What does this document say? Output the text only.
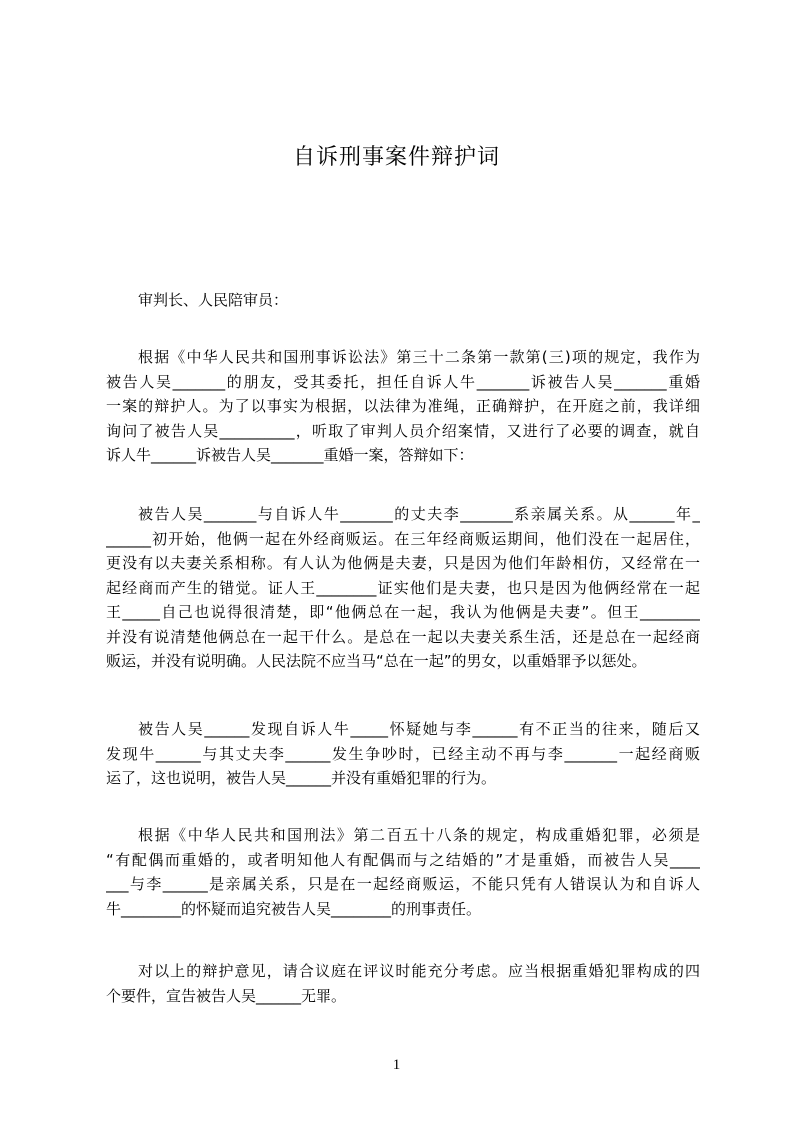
自诉刑事案件辩护词
审判长、人民陪审员：
根据《中华人民共和国刑事诉讼法》第三十二条第一款第(三)项的规定，我作为
被告人吴_______的朋友，受其委托，担任自诉人牛_______诉被告人吴_______重婚
一案的辩护人。为了以事实为根据，以法律为准绳，正确辩护，在开庭之前，我详细
询问了被告人吴__________，听取了审判人员介绍案情，又进行了必要的调查，就自
诉人牛______诉被告人吴_______重婚一案，答辩如下：
被告人吴_______与自诉人牛_______的丈夫李_______系亲属关系。从______年_
______初开始，他俩一起在外经商贩运。在三年经商贩运期间，他们没在一起居住，
更没有以夫妻关系相称。有人认为他俩是夫妻，只是因为他们年龄相仿，又经常在一
起经商而产生的错觉。证人王________证实他们是夫妻，也只是因为他俩经常在一起
王_____自己也说得很清楚，即“他俩总在一起，我认为他俩是夫妻”。但王________
并没有说清楚他俩总在一起干什么。是总在一起以夫妻关系生活，还是总在一起经商
贩运，并没有说明确。人民法院不应当马“总在一起”的男女，以重婚罪予以惩处。
被告人吴______发现自诉人牛_____怀疑她与李______有不正当的往来，随后又
发现牛______与其丈夫李______发生争吵时，已经主动不再与李_______一起经商贩
运了，这也说明，被告人吴______并没有重婚犯罪的行为。
根据《中华人民共和国刑法》第二百五十八条的规定，构成重婚犯罪，必须是
“有配偶而重婚的，或者明知他人有配偶而与之结婚的”才是重婚，而被告人吴____
___与李______是亲属关系，只是在一起经商贩运，不能只凭有人错误认为和自诉人
牛________的怀疑而追究被告人吴________的刑事责任。
对以上的辩护意见，请合议庭在评议时能充分考虑。应当根据重婚犯罪构成的四
个要件，宣告被告人吴______无罪。
1
